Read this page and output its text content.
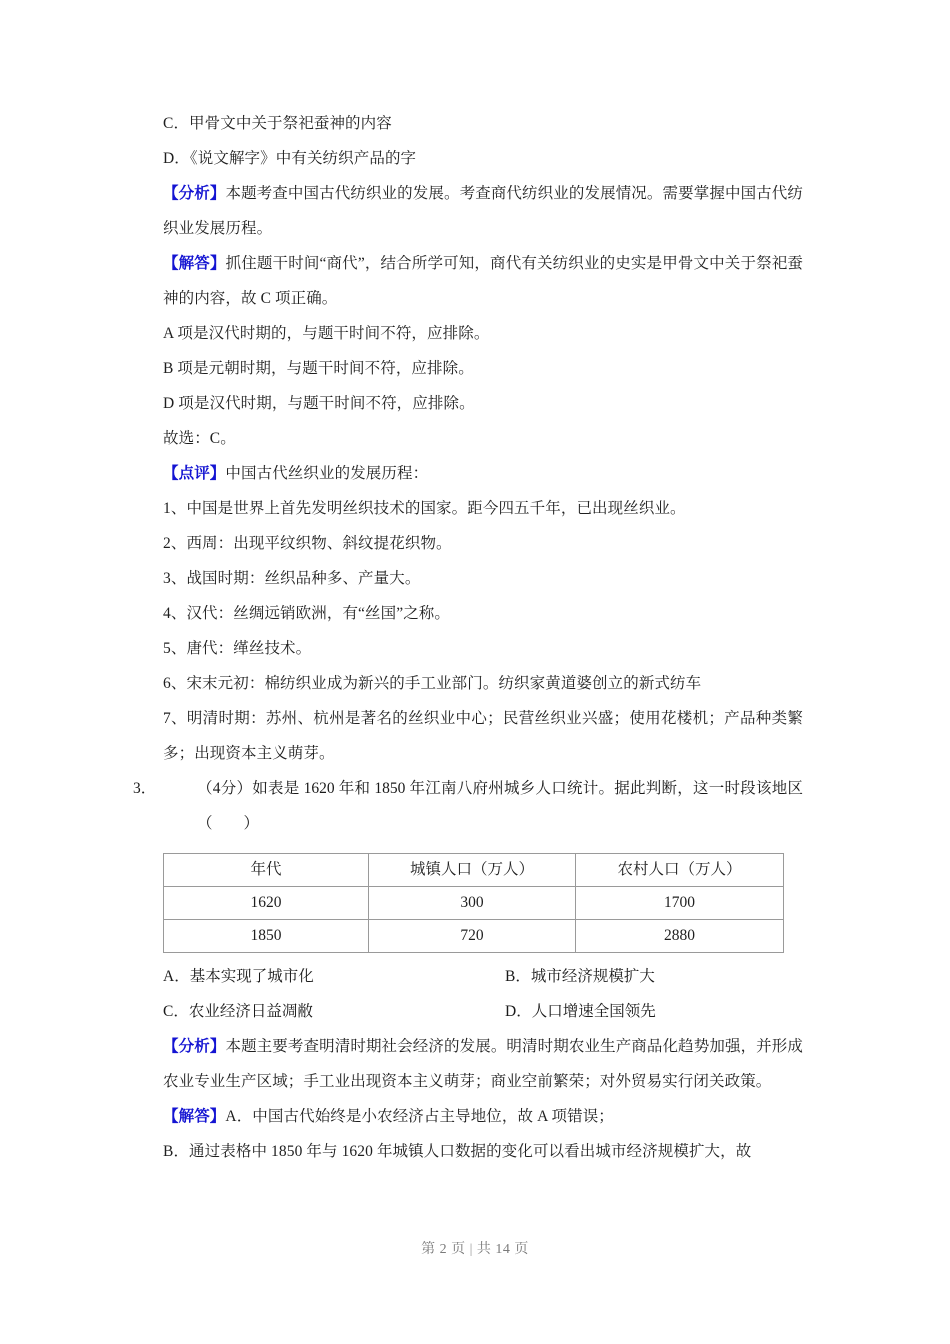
C．甲骨文中关于祭祀蚕神的内容
D．《说文解字》中有关纺织产品的字
【分析】本题考查中国古代纺织业的发展。考查商代纺织业的发展情况。需要掌握中国古代纺织业发展历程。
【解答】抓住题干时间“商代”，结合所学可知，商代有关纺织业的史实是甲骨文中关于祭祀蚕神的内容，故 C 项正确。
A 项是汉代时期的，与题干时间不符，应排除。
B 项是元朝时期，与题干时间不符，应排除。
D 项是汉代时期，与题干时间不符，应排除。
故选：C。
【点评】中国古代丝织业的发展历程：
1、中国是世界上首先发明丝织技术的国家。距今四五千年，已出现丝织业。
2、西周：出现平纹织物、斜纹提花织物。
3、战国时期：丝织品种多、产量大。
4、汉代：丝绸远销欧洲，有“丝国”之称。
5、唐代：缂丝技术。
6、宋末元初：棉纺织业成为新兴的手工业部门。纺织家黄道婆创立的新式纺车
7、明清时期：苏州、杭州是著名的丝织业中心；民营丝织业兴盛；使用花楼机；产品种类繁多；出现资本主义萌芽。
3．	（4分）如表是 1620 年和 1850 年江南八府州城乡人口统计。据此判断，这一时段该地区（　　）
年代	城镇人口（万人）	农村人口（万人）
1620	300	1700
1850	720	2880
A．基本实现了城市化	B．城市经济规模扩大
C．农业经济日益凋敝	D．人口增速全国领先
【分析】本题主要考查明清时期社会经济的发展。明清时期农业生产商品化趋势加强，并形成农业专业生产区域；手工业出现资本主义萌芽；商业空前繁荣；对外贸易实行闭关政策。
【解答】A．中国古代始终是小农经济占主导地位，故 A 项错误；
B．通过表格中 1850 年与 1620 年城镇人口数据的变化可以看出城市经济规模扩大，故
第 2 页 | 共 14 页
